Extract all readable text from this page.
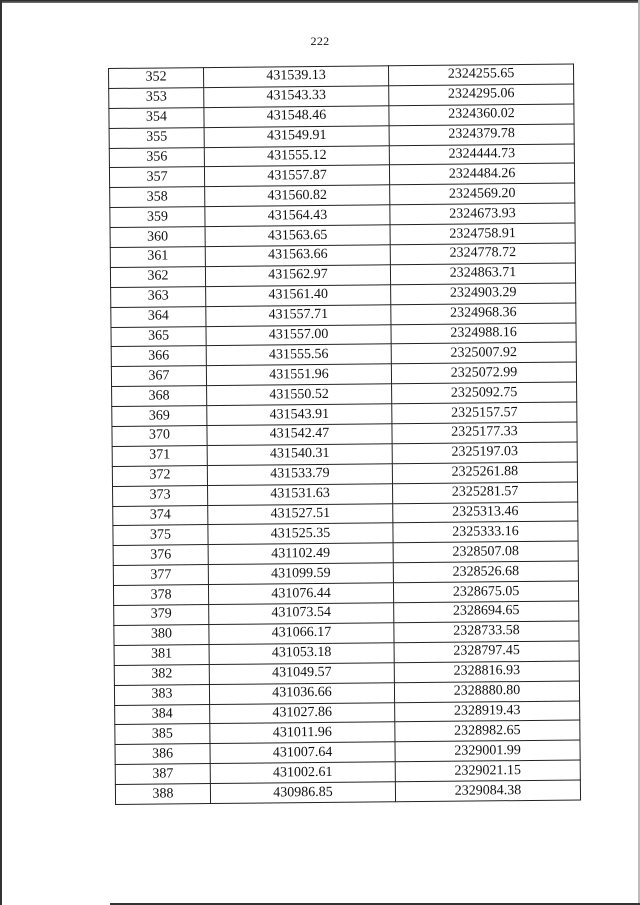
222
352	431539.13	2324255.65
353	431543.33	2324295.06
354	431548.46	2324360.02
355	431549.91	2324379.78
356	431555.12	2324444.73
357	431557.87	2324484.26
358	431560.82	2324569.20
359	431564.43	2324673.93
360	431563.65	2324758.91
361	431563.66	2324778.72
362	431562.97	2324863.71
363	431561.40	2324903.29
364	431557.71	2324968.36
365	431557.00	2324988.16
366	431555.56	2325007.92
367	431551.96	2325072.99
368	431550.52	2325092.75
369	431543.91	2325157.57
370	431542.47	2325177.33
371	431540.31	2325197.03
372	431533.79	2325261.88
373	431531.63	2325281.57
374	431527.51	2325313.46
375	431525.35	2325333.16
376	431102.49	2328507.08
377	431099.59	2328526.68
378	431076.44	2328675.05
379	431073.54	2328694.65
380	431066.17	2328733.58
381	431053.18	2328797.45
382	431049.57	2328816.93
383	431036.66	2328880.80
384	431027.86	2328919.43
385	431011.96	2328982.65
386	431007.64	2329001.99
387	431002.61	2329021.15
388	430986.85	2329084.38
